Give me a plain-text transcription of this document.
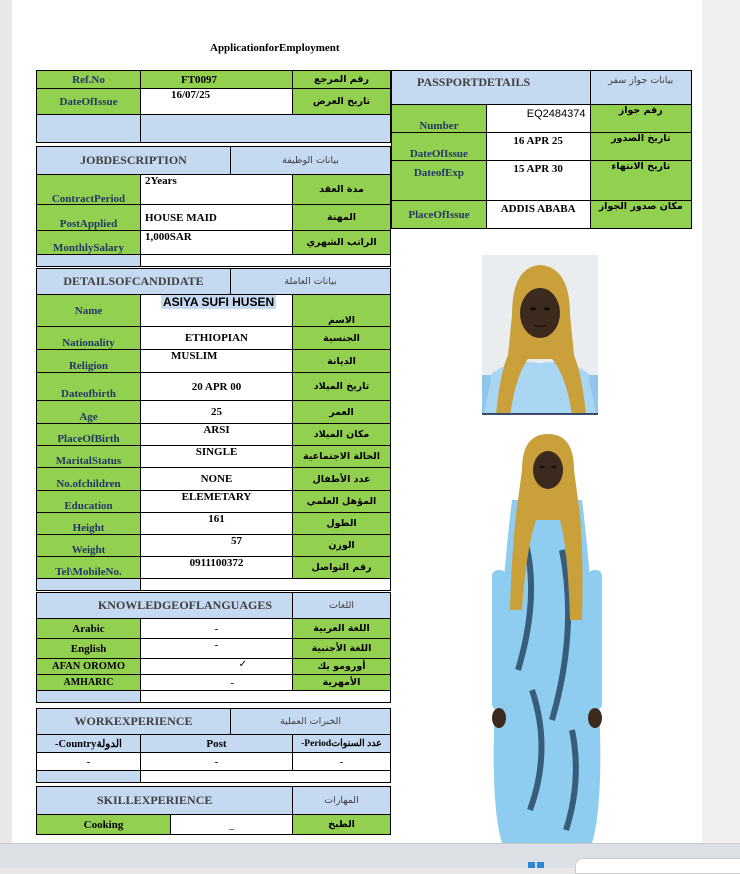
ApplicationforEmployment
Ref.No	FT0097	رقم المرجع
DateOfIssue	16/07/25	تاريخ العرض

JOBDESCRIPTION		بيانات الوظيفة	
ContractPeriod	2Years		مدة العقد
PostApplied	HOUSE MAID		المهنة
MonthlySalary	1,000SAR		الراتب الشهري

PASSPORTDETAILS		بيانات جواز سفر
Number	EQ2484374	رقم جواز
DateOfIssue	16 APR 25	تاريخ الصدور
DateofExp	15 APR 30	تاريخ الانتهاء
PlaceOfIssue	ADDIS ABABA	مكان صدور الجواز
DETAILSOFCANDIDATE		بيانات العاملة	
Name	ASIYA SUFI HUSEN		الاسم
Nationality	ETHIOPIAN		الجنسية
Religion	MUSLIM		الديانة
Dateofbirth	20 APR 00		تاريخ الميلاد
Age	25		العمر
PlaceOfBirth	ARSI		مكان الميلاد
MaritalStatus	SINGLE		الحالة الاجتماعية
No.ofchildren	NONE		عدد الأطفال
Education	ELEMETARY		المؤهل العلمي
Height	161		الطول
Weight	57		الوزن
Tel\MobileNo.	0911100372		رقم التواصل

KNOWLEDGEOFLANGUAGES		اللغات
Arabic	-	اللغة العربية
English	-	اللغة الأجنبية
AFAN OROMO	✓	أورومو يك
AMHARIC	-	الأمهرية

WORKEXPERIENCE		الخبرات العملية	
-Countryالدولة	Post		-Periodعدد السنوات
-	-		-

SKILLEXPERIENCE		المهارات
Cooking	_	الطبخ
